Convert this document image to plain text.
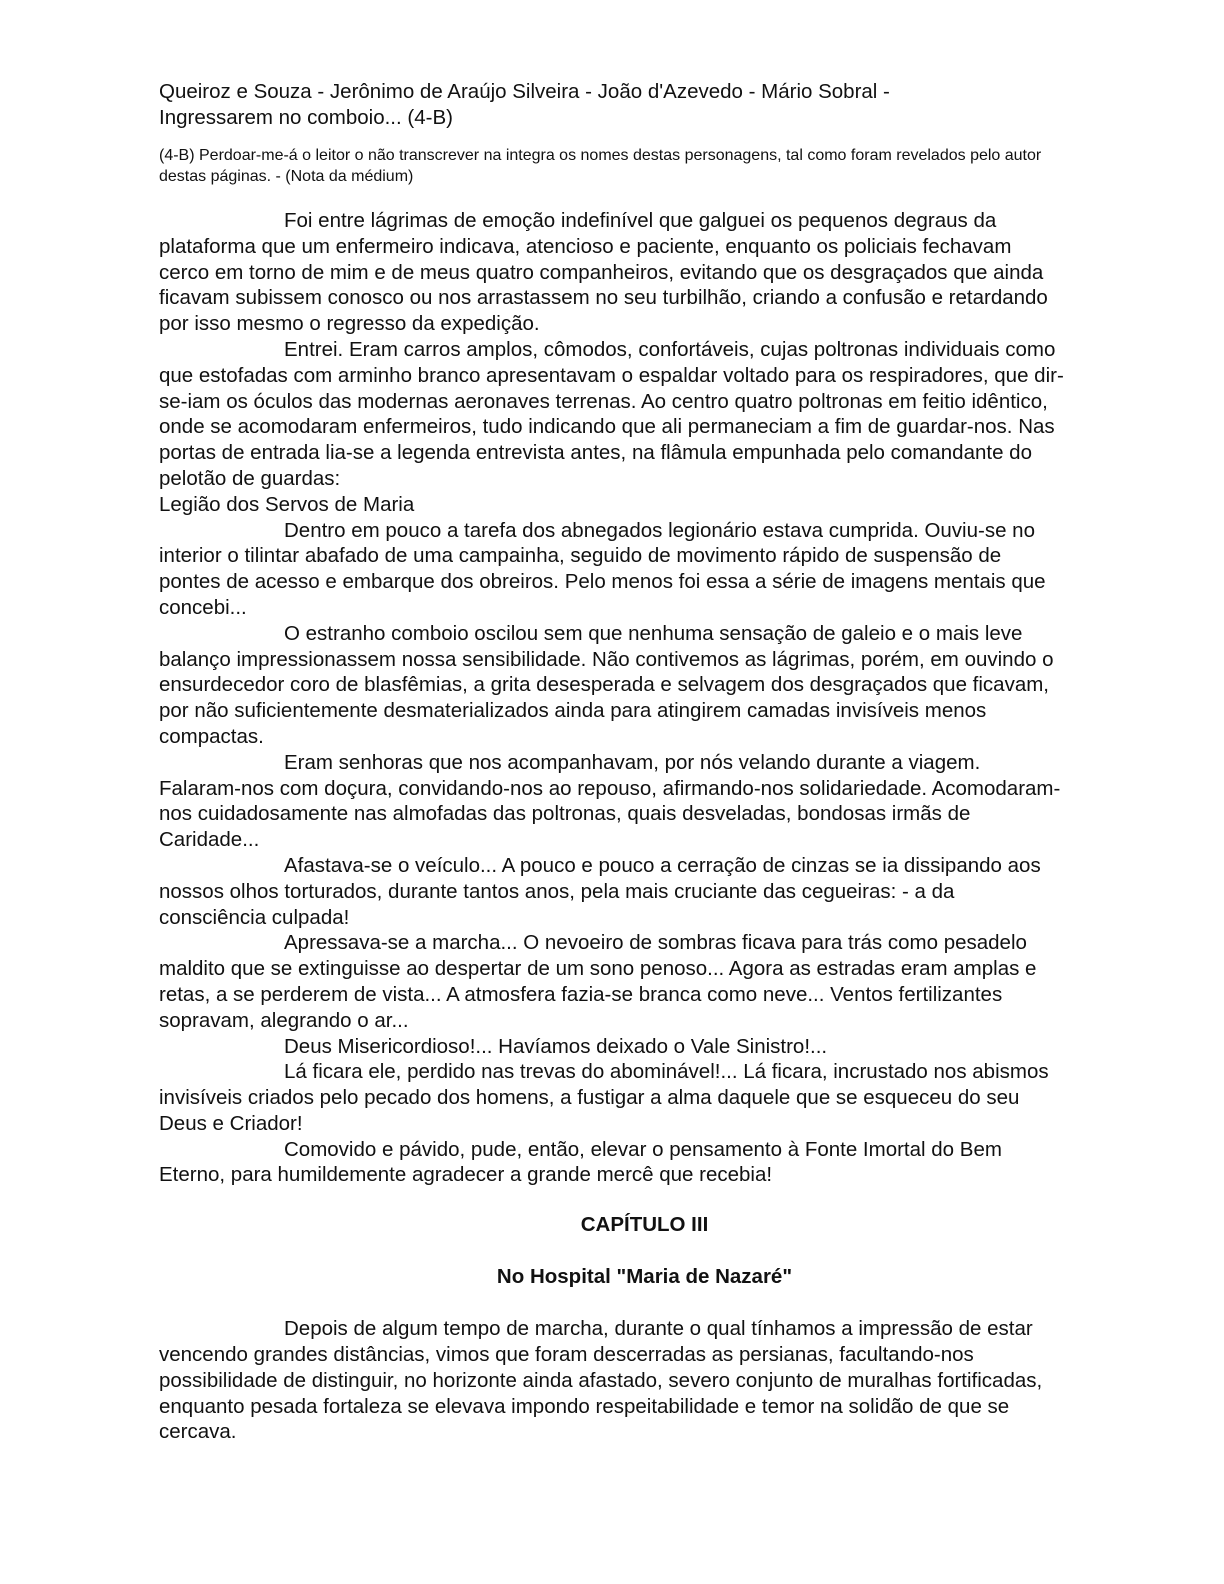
Queiroz e Souza - Jerônimo de Araújo Silveira - João d'Azevedo - Mário Sobral -

Ingressarem no comboio... (4-B)

(4-B) Perdoar-me-á o leitor o não transcrever na integra os nomes destas personagens, tal como foram revelados pelo autor destas páginas. - (Nota da médium)

Foi entre lágrimas de emoção indefinível que galguei os pequenos degraus da plataforma que um enfermeiro indicava, atencioso e paciente, enquanto os policiais fechavam cerco em torno de mim e de meus quatro companheiros, evitando que os desgraçados que ainda ficavam subissem conosco ou nos arrastassem no seu turbilhão, criando a confusão e retardando por isso mesmo o regresso da expedição.

Entrei. Eram carros amplos, cômodos, confortáveis, cujas poltronas individuais como que estofadas com arminho branco apresentavam o espaldar voltado para os respiradores, que dir-se-iam os óculos das modernas aeronaves terrenas. Ao centro quatro poltronas em feitio idêntico, onde se acomodaram enfermeiros, tudo indicando que ali permaneciam a fim de guardar-nos. Nas portas de entrada lia-se a legenda entrevista antes, na flâmula empunhada pelo comandante do pelotão de guardas:

Legião dos Servos de Maria

Dentro em pouco a tarefa dos abnegados legionário estava cumprida. Ouviu-se no interior o tilintar abafado de uma campainha, seguido de movimento rápido de suspensão de pontes de acesso e embarque dos obreiros. Pelo menos foi essa a série de imagens mentais que concebi...

O estranho comboio oscilou sem que nenhuma sensação de galeio e o mais leve balanço impressionassem nossa sensibilidade. Não contivemos as lágrimas, porém, em ouvindo o ensurdecedor coro de blasfêmias, a grita desesperada e selvagem dos desgraçados que ficavam, por não suficientemente desmaterializados ainda para atingirem camadas invisíveis menos compactas.

Eram senhoras que nos acompanhavam, por nós velando durante a viagem. Falaram-nos com doçura, convidando-nos ao repouso, afirmando-nos solidariedade. Acomodaram-nos cuidadosamente nas almofadas das poltronas, quais desveladas, bondosas irmãs de Caridade...

Afastava-se o veículo... A pouco e pouco a cerração de cinzas se ia dissipando aos nossos olhos torturados, durante tantos anos, pela mais cruciante das cegueiras: - a da consciência culpada!

Apressava-se a marcha... O nevoeiro de sombras ficava para trás como pesadelo maldito que se extinguisse ao despertar de um sono penoso... Agora as estradas eram amplas e retas, a se perderem de vista... A atmosfera fazia-se branca como neve... Ventos fertilizantes sopravam, alegrando o ar...

Deus Misericordioso!... Havíamos deixado o Vale Sinistro!...

Lá ficara ele, perdido nas trevas do abominável!... Lá ficara, incrustado nos abismos invisíveis criados pelo pecado dos homens, a fustigar a alma daquele que se esqueceu do seu Deus e Criador!

Comovido e pávido, pude, então, elevar o pensamento à Fonte Imortal do Bem Eterno, para humildemente agradecer a grande mercê que recebia!

CAPÍTULO III

No Hospital "Maria de Nazaré"

Depois de algum tempo de marcha, durante o qual tínhamos a impressão de estar vencendo grandes distâncias, vimos que foram descerradas as persianas, facultando-nos possibilidade de distinguir, no horizonte ainda afastado, severo conjunto de muralhas fortificadas, enquanto pesada fortaleza se elevava impondo respeitabilidade e temor na solidão de que se cercava.
